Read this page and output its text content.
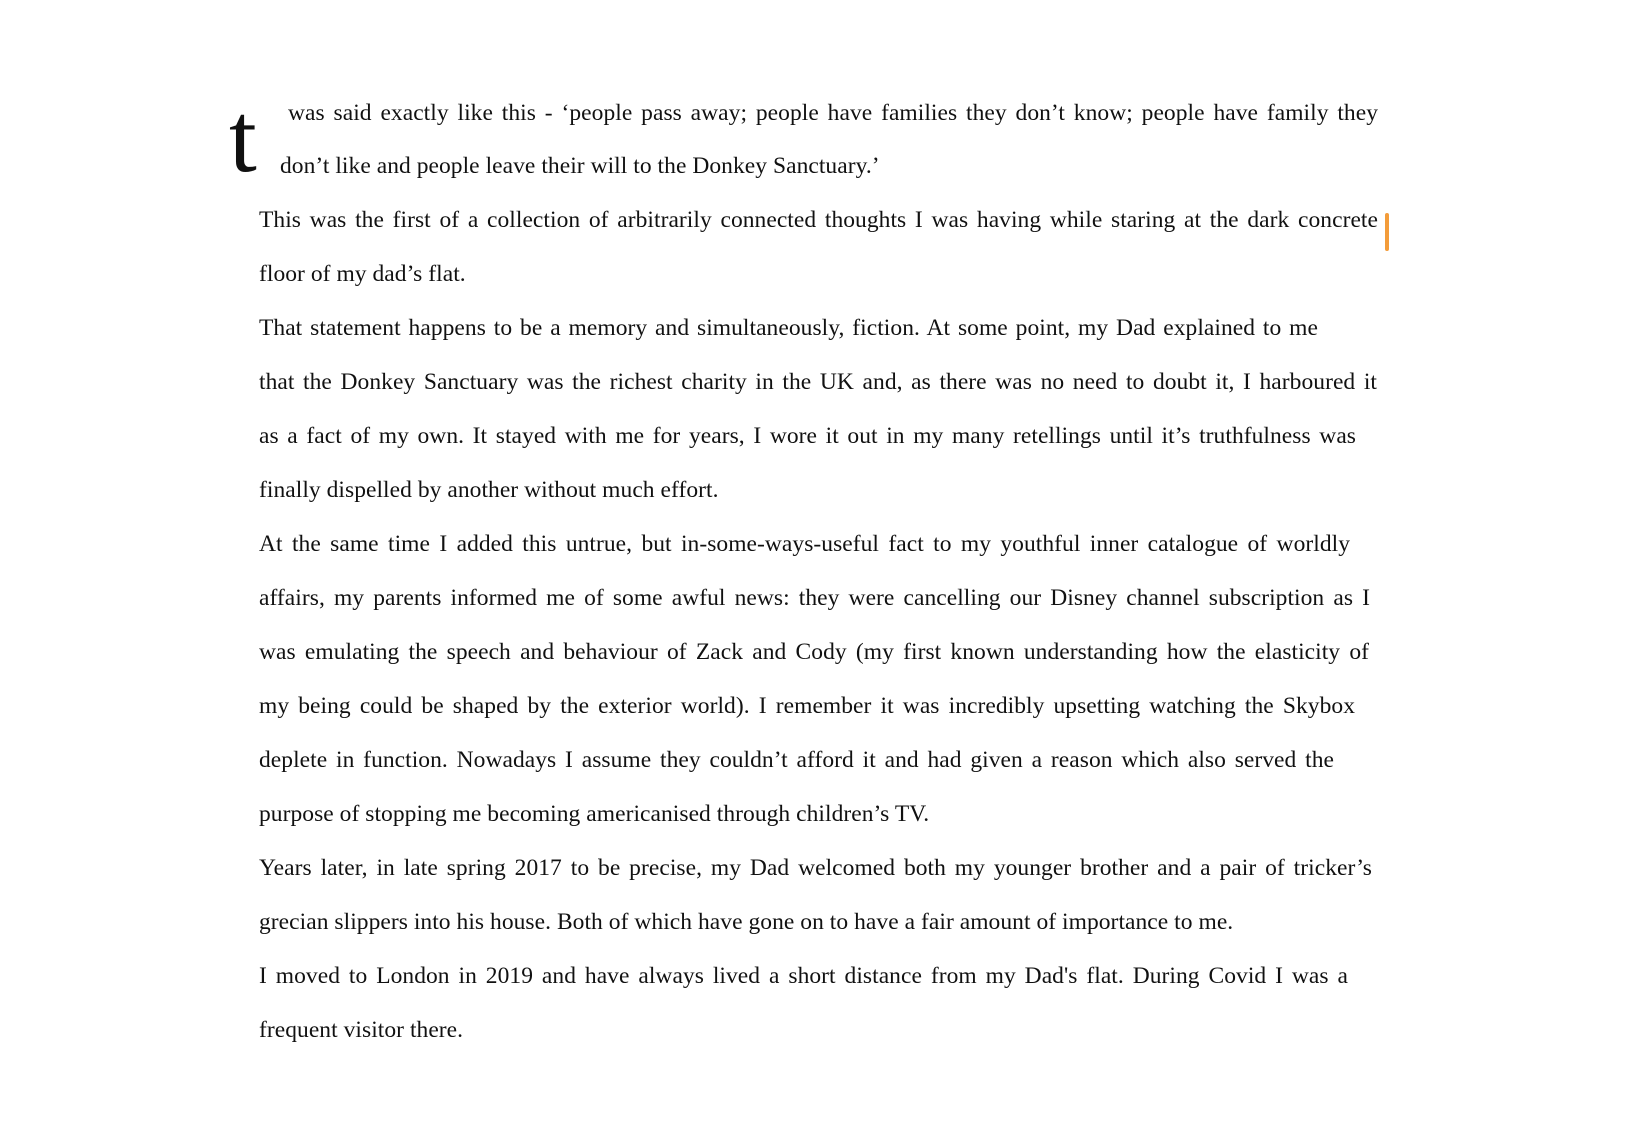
t was said exactly like this - ‘people pass away; people have families they don’t know; people have family they
don’t like and people leave their will to the Donkey Sanctuary.’
This was the first of a collection of arbitrarily connected thoughts I was having while staring at the dark concrete
floor of my dad’s flat.
That statement happens to be a memory and simultaneously, fiction. At some point, my Dad explained to me
that the Donkey Sanctuary was the richest charity in the UK and, as there was no need to doubt it, I harboured it
as a fact of my own. It stayed with me for years, I wore it out in my many retellings until it’s truthfulness was
finally dispelled by another without much effort.
At the same time I added this untrue, but in-some-ways-useful fact to my youthful inner catalogue of worldly
affairs, my parents informed me of some awful news: they were cancelling our Disney channel subscription as I
was emulating the speech and behaviour of Zack and Cody (my first known understanding how the elasticity of
my being could be shaped by the exterior world). I remember it was incredibly upsetting watching the Skybox
deplete in function. Nowadays I assume they couldn’t afford it and had given a reason which also served the
purpose of stopping me becoming americanised through children’s TV.
Years later, in late spring 2017 to be precise, my Dad welcomed both my younger brother and a pair of tricker’s
grecian slippers into his house. Both of which have gone on to have a fair amount of importance to me.
I moved to London in 2019 and have always lived a short distance from my Dad's flat. During Covid I was a
frequent visitor there.
